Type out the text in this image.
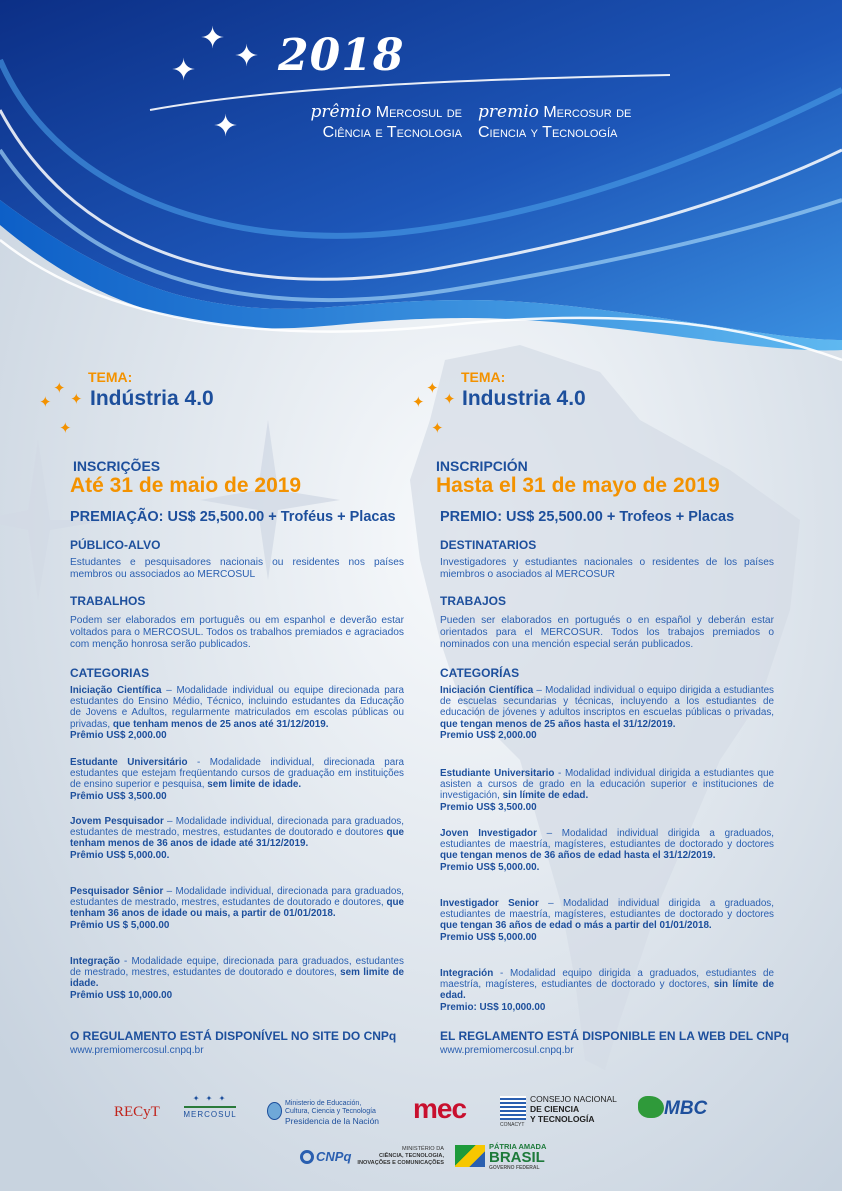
✦
✦
✦
✦
2018
prêmio Mercosul de
Ciência e Tecnologia
premio Mercosur de
Ciencia y Tecnología
✦
✦ ✦
✦
✦
✦ ✦
✦
TEMA:
Indústria 4.0
INSCRIÇÕES
Até 31 de maio de 2019
PREMIAÇÃO: US$ 25,500.00 + Troféus + Placas
PÚBLICO-ALVO
Estudantes e pesquisadores nacionais ou residentes nos países membros ou associados ao MERCOSUL
TRABALHOS
Podem ser elaborados em português ou em espanhol e deverão estar voltados para o MERCOSUL. Todos os trabalhos premiados e agraciados com menção honrosa serão publicados.
CATEGORIAS

Iniciação Científica – Modalidade individual ou equipe direcionada para estudantes do Ensino Médio, Técnico, incluindo estudantes da Educação de Jovens e Adultos, regularmente matriculados em escolas públicas ou privadas, que tenham menos de 25 anos até 31/12/2019.
Prêmio US$ 2,000.00

Estudante Universitário - Modalidade individual, direcionada para estudantes que estejam freqüentando cursos de graduação em instituições de ensino superior e pesquisa, sem limite de idade.
Prêmio US$ 3,500.00

Jovem Pesquisador – Modalidade individual, direcionada para graduados, estudantes de mestrado, mestres, estudantes de doutorado e doutores que tenham menos de 36 anos de idade até 31/12/2019.
Prêmio US$ 5,000.00.

Pesquisador Sênior – Modalidade individual, direcionada para graduados, estudantes de mestrado, mestres, estudantes de doutorado e doutores, que tenham 36 anos de idade ou mais, a partir de 01/01/2018.
Prêmio US $ 5,000.00

Integração - Modalidade equipe, direcionada para graduados, estudantes de mestrado, mestres, estudantes de doutorado e doutores, sem limite de idade.
Prêmio US$ 10,000.00

O REGULAMENTO ESTÁ DISPONÍVEL NO SITE DO CNPq
www.premiomercosul.cnpq.br
TEMA:
Industria 4.0
INSCRIPCIÓN
Hasta el 31 de mayo de 2019
PREMIO: US$ 25,500.00 + Trofeos + Placas
DESTINATARIOS
Investigadores y estudiantes nacionales o residentes de los países miembros o asociados al MERCOSUR
TRABAJOS
Pueden ser elaborados en portugués o en español y deberán estar orientados para el MERCOSUR. Todos los trabajos premiados o nominados con una mención especial serán publicados.
CATEGORÍAS

Iniciación Científica – Modalidad individual o equipo dirigida a estudiantes de escuelas secundarias y técnicas, incluyendo a los estudiantes de educación de jóvenes y adultos inscriptos en escuelas públicas o privadas, que tengan menos de 25 años hasta el 31/12/2019.
Premio US$ 2,000.00

Estudiante Universitario - Modalidad individual dirigida a estudiantes que asisten a cursos de grado en la educación superior e instituciones de investigación, sin límite de edad.
Premio US$ 3,500.00

Joven Investigador – Modalidad individual dirigida a graduados, estudiantes de maestría, magísteres, estudiantes de doctorado y doctores que tengan menos de 36 años de edad hasta el 31/12/2019.
Premio US$ 5,000.00.

Investigador Senior – Modalidad individual dirigida a graduados, estudiantes de maestría, magísteres, estudiantes de doctorado y doctores que tengan 36 años de edad o más a partir del 01/01/2018.
Premio US$ 5,000.00

Integración - Modalidad equipo dirigida a graduados, estudiantes de maestría, magísteres, estudiantes de doctorado y doctores, sin límite de edad.
Premio: US$ 10,000.00

EL REGLAMENTO ESTÁ DISPONIBLE EN LA WEB DEL CNPq
www.premiomercosul.cnpq.br
RECyT
✦ ✦ ✦
MERCOSUL
Ministerio de Educación,
Cultura, Ciencia y Tecnología
Presidencia de la Nación mec
CONACYT
CONSEJO NACIONAL
DE CIENCIA
Y TECNOLOGÍA	MBC
CNPq	MINISTÉRIO DA
CIÊNCIA, TECNOLOGIA,
INOVAÇÕES E COMUNICAÇÕES
PÁTRIA AMADA
BRASIL
GOVERNO FEDERAL
